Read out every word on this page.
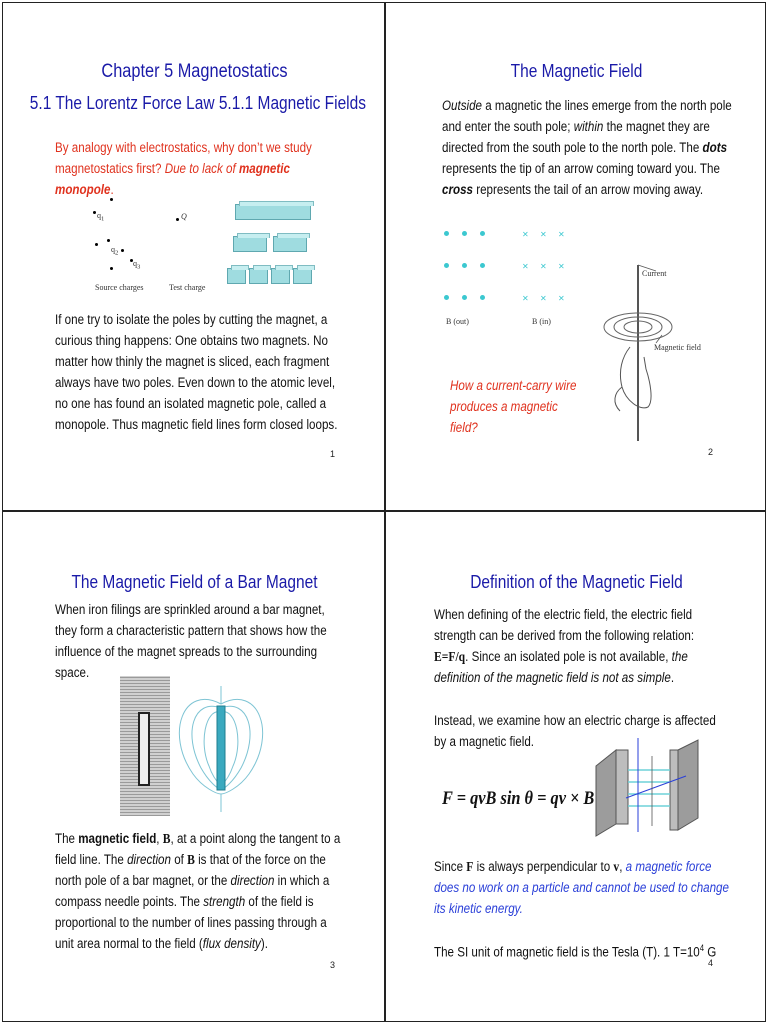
Chapter 5 Magnetostatics
5.1 The Lorentz Force Law 5.1.1 Magnetic Fields
By analogy with electrostatics, why don’t we study magnetostatics first? Due to lack of magnetic monopole.
$q_1$
$q_2$
$q_3$
Source charges
Q
Test charge
If one try to isolate the poles by cutting the magnet, a curious thing happens: One obtains two magnets. No matter how thinly the magnet is sliced, each fragment always have two poles. Even down to the atomic level, no one has found an isolated magnetic pole, called a monopole. Thus magnetic field lines form closed loops.
1
The Magnetic Field
Outside a magnetic the lines emerge from the north pole and enter the south pole; within the magnet they are directed from the south pole to the north pole. The dots represents the tip of an arrow coming toward you. The cross represents the tail of an arrow moving away.
B (out)
✕ ✕ ✕
✕ ✕ ✕
✕ ✕ ✕
B (in)
Current
Magnetic field
How a current-carry wire produces a magnetic field?
2
The Magnetic Field of a Bar Magnet
When iron filings are sprinkled around a bar magnet, they form a characteristic pattern that shows how the influence of the magnet spreads to the surrounding space.
The magnetic field, B, at a point along the tangent to a field line. The direction of B is that of the force on the north pole of a bar magnet, or the direction in which a compass needle points. The strength of the field is proportional to the number of lines passing through a unit area normal to the field (flux density).
3
Definition of the Magnetic Field
When defining of the electric field, the electric field strength can be derived from the following relation: E=F/q. Since an isolated pole is not available, the definition of the magnetic field is not as simple.
Instead, we examine how an electric charge is affected by a magnetic field.
F = qvB sin θ = qv × B
Since F is always perpendicular to v, a magnetic force does no work on a particle and cannot be used to change its kinetic energy.
The SI unit of magnetic field is the Tesla (T). 1 $T=10^4$ G
4
